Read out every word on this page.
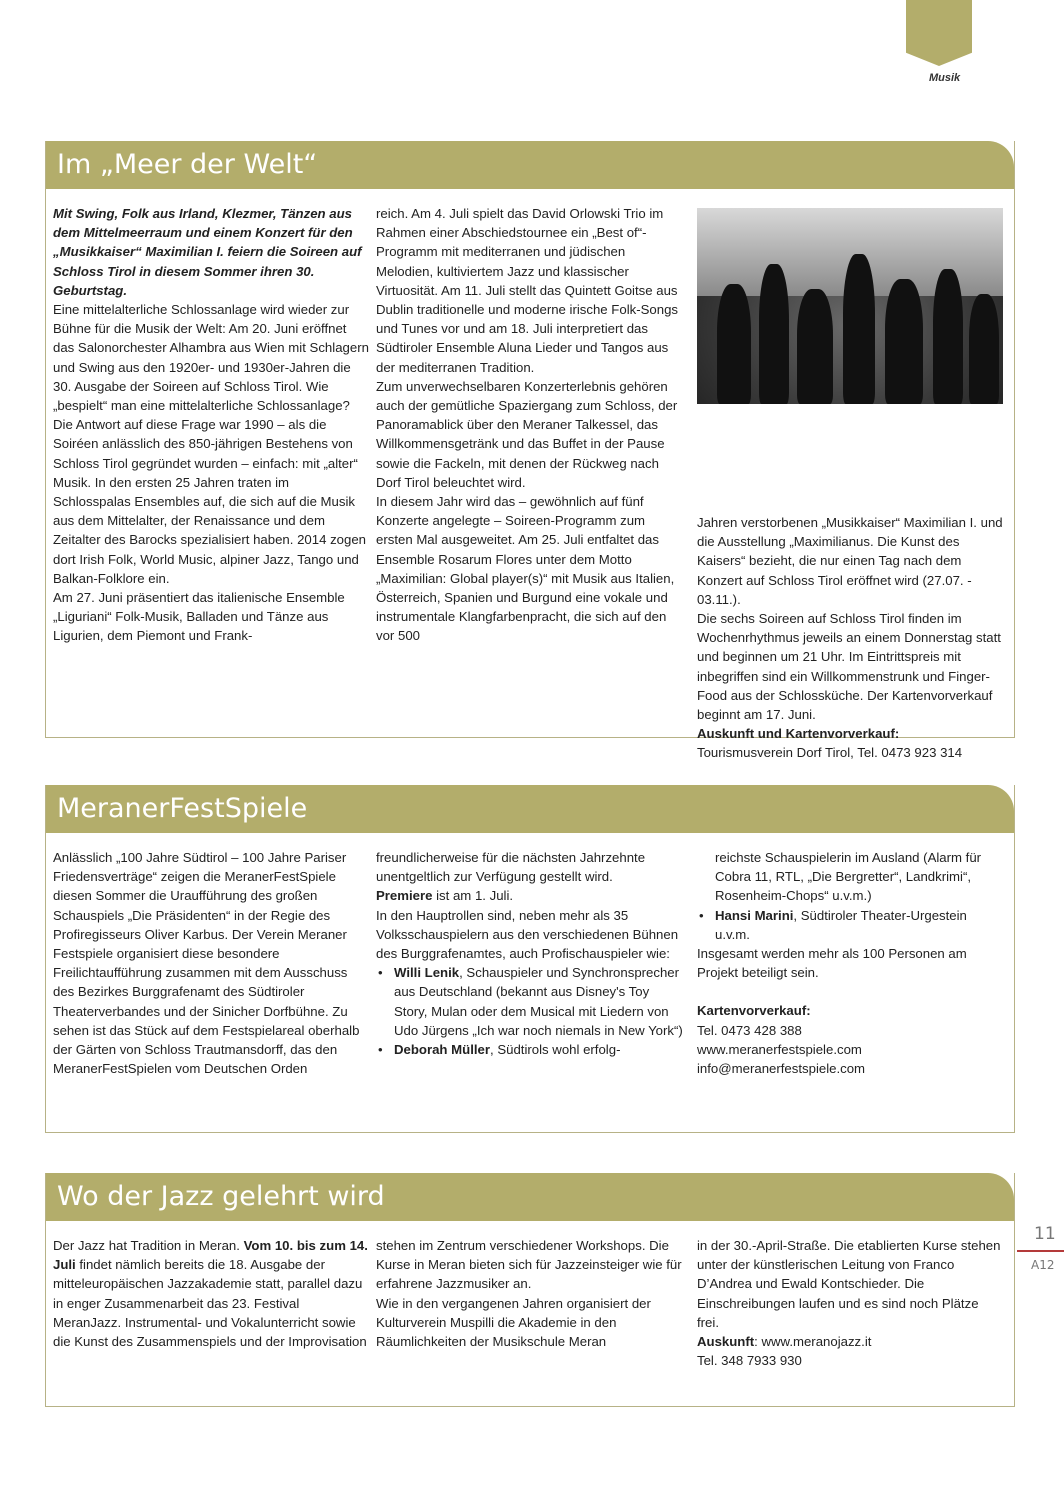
Musik
Im „Meer der Welt“

Mit Swing, Folk aus Irland, Klezmer, Tänzen aus dem Mittelmeerraum und einem Konzert für den „Musikkaiser“ Maximilian I. feiern die Soireen auf Schloss Tirol in diesem Sommer ihren 30. Geburtstag.

Eine mittelalterliche Schlossanlage wird wieder zur Bühne für die Musik der Welt: Am 20. Juni eröffnet das Salonorchester Alhambra aus Wien mit Schlagern und Swing aus den 1920er- und 1930er-Jahren die 30. Ausgabe der Soireen auf Schloss Tirol. Wie „bespielt“ man eine mittelalterliche Schlossanlage? Die Antwort auf diese Frage war 1990 – als die Soiréen anlässlich des 850-jährigen Bestehens von Schloss Tirol gegründet wurden – einfach: mit „alter“ Musik. In den ersten 25 Jahren traten im Schlosspalas Ensembles auf, die sich auf die Musik aus dem Mittelalter, der Renaissance und dem Zeitalter des Barocks spezialisiert haben. 2014 zogen dort Irish Folk, World Music, alpiner Jazz, Tango und Balkan-Folklore ein.

Am 27. Juni präsentiert das italienische Ensemble „Liguriani“ Folk-Musik, Balladen und Tänze aus Ligurien, dem Piemont und Frank-

reich. Am 4. Juli spielt das David Orlowski Trio im Rahmen einer Abschiedstournee ein „Best of“-Programm mit mediterranen und jüdischen Melodien, kultiviertem Jazz und klassischer Virtuosität. Am 11. Juli stellt das Quintett Goitse aus Dublin traditionelle und moderne irische Folk-Songs und Tunes vor und am 18. Juli interpretiert das Südtiroler Ensemble Aluna Lieder und Tangos aus der mediterranen Tradition.

Zum unverwechselbaren Konzerterlebnis gehören auch der gemütliche Spaziergang zum Schloss, der Panoramablick über den Meraner Talkessel, das Willkommensgetränk und das Buffet in der Pause sowie die Fackeln, mit denen der Rückweg nach Dorf Tirol beleuchtet wird.

In diesem Jahr wird das – gewöhnlich auf fünf Konzerte angelegte – Soireen-Programm zum ersten Mal ausgeweitet. Am 25. Juli entfaltet das Ensemble Rosarum Flores unter dem Motto „Maximilian: Global player(s)“ mit Musik aus Italien, Österreich, Spanien und Burgund eine vokale und instrumentale Klangfarbenpracht, die sich auf den vor 500

Jahren verstorbenen „Musikkaiser“ Maximilian I. und die Ausstellung „Maximilianus. Die Kunst des Kaisers“ bezieht, die nur einen Tag nach dem Konzert auf Schloss Tirol eröffnet wird (27.07. - 03.11.).

Die sechs Soireen auf Schloss Tirol finden im Wochenrhythmus jeweils an einem Donnerstag statt und beginnen um 21 Uhr. Im Eintrittspreis mit inbegriffen sind ein Willkommenstrunk und Finger-Food aus der Schlossküche. Der Kartenvorverkauf beginnt am 17. Juni.

Auskunft und Kartenvorverkauf:

Tourismusverein Dorf Tirol, Tel. 0473 923 314

MeranerFestSpiele

Anlässlich „100 Jahre Südtirol – 100 Jahre Pariser Friedensverträge“ zeigen die MeranerFestSpiele diesen Sommer die Uraufführung des großen Schauspiels „Die Präsidenten“ in der Regie des Profiregisseurs Oliver Karbus. Der Verein Meraner Festspiele organisiert diese besondere Freilichtaufführung zusammen mit dem Ausschuss des Bezirkes Burggrafenamt des Südtiroler Theaterverbandes und der Sinicher Dorfbühne. Zu sehen ist das Stück auf dem Festspielareal oberhalb der Gärten von Schloss Trautmansdorff, das den MeranerFestSpielen vom Deutschen Orden

freundlicherweise für die nächsten Jahrzehnte unentgeltlich zur Verfügung gestellt wird.

Premiere ist am 1. Juli.

In den Hauptrollen sind, neben mehr als 35 Volksschauspielern aus den verschiedenen Bühnen des Burggrafenamtes, auch Profischauspieler wie:

• Willi Lenik, Schauspieler und Synchronsprecher aus Deutschland (bekannt aus Disney's Toy Story, Mulan oder dem Musical mit Liedern von Udo Jürgens „Ich war noch niemals in New York“)

• Deborah Müller, Südtirols wohl erfolg-

reichste Schauspielerin im Ausland (Alarm für Cobra 11, RTL, „Die Bergretter“, Landkrimi“, Rosenheim-Chops“ u.v.m.)

• Hansi Marini, Südtiroler Theater-Urgestein u.v.m.

Insgesamt werden mehr als 100 Personen am Projekt beteiligt sein.

Kartenvorverkauf:

Tel. 0473 428 388

www.meranerfestspiele.com

info@meranerfestspiele.com

Wo der Jazz gelehrt wird

Der Jazz hat Tradition in Meran. Vom 10. bis zum 14. Juli findet nämlich bereits die 18. Ausgabe der mitteleuropäischen Jazzakademie statt, parallel dazu in enger Zusammenarbeit das 23. Festival MeranJazz. Instrumental- und Vokalunterricht sowie die Kunst des Zusammenspiels und der Improvisation

stehen im Zentrum verschiedener Workshops. Die Kurse in Meran bieten sich für Jazzeinsteiger wie für erfahrene Jazzmusiker an.

Wie in den vergangenen Jahren organisiert der Kulturverein Muspilli die Akademie in den Räumlichkeiten der Musikschule Meran

in der 30.-April-Straße. Die etablierten Kurse stehen unter der künstlerischen Leitung von Franco D’Andrea und Ewald Kontschieder. Die Einschreibungen laufen und es sind noch Plätze frei.

Auskunft: www.meranojazz.it

Tel. 348 7933 930

11
A12
